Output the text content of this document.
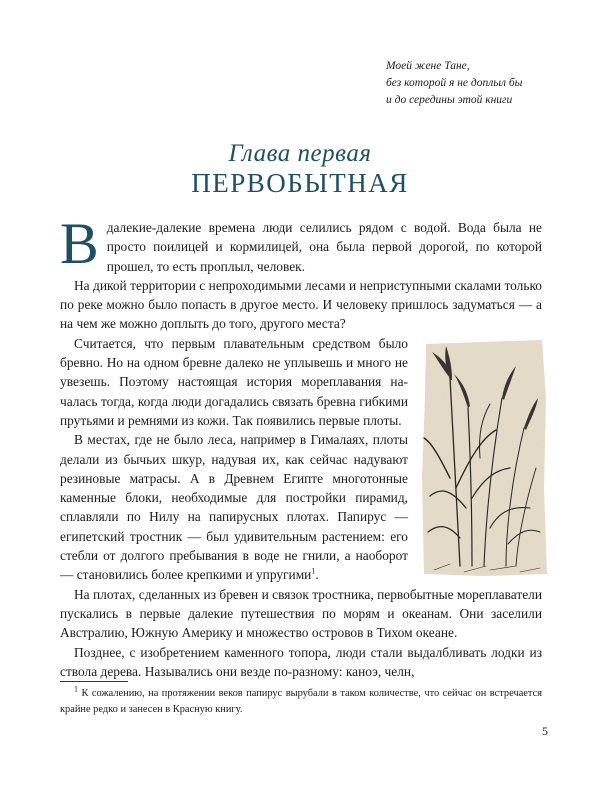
Моей жене Тане,
без которой я не доплыл бы
и до середины этой книги
Глава первая
ПЕРВОБЫТНАЯ

В далекие-далекие времена люди селились рядом с водой. Вода была не просто поилицей и кормилицей, она была первой дорогой, по которой прошел, то есть проплыл, человек.

На дикой территории с непроходимыми лесами и неприступными скалами только по реке можно было попасть в другое место. И человеку пришлось задуматься — а на чем же можно доплыть до того, другого места?

Считается, что первым плавательным средством было бревно. Но на одном бревне далеко не уплывешь и много не увезешь. Поэтому настоящая история мореплавания началась тогда, когда люди догадались связать бревна гибкими прутьями и ремнями из кожи. Так появились первые плоты.

В местах, где не было леса, например в Гималаях, плоты делали из бычьих шкур, надувая их, как сейчас надувают резиновые матрасы. А в Древнем Египте многотонные каменные блоки, необходимые для постройки пирамид, сплавляли по Нилу на папирусных плотах. Папирус — египетский тростник — был удивительным растением: его стебли от долгого пребывания в воде не гнили, а наоборот — становились более крепкими и упругими$^1$.

На плотах, сделанных из бревен и связок тростника, первобытные мореплаватели пускались в первые далекие путешествия по морям и океанам. Они заселили Австралию, Южную Америку и множество островов в Тихом океане.

Позднее, с изобретением каменного топора, люди стали выдалбливать лодки из ствола дерева. Назывались они везде по-разному: каноэ, челн,

$^1$ К сожалению, на протяжении веков папирус вырубали в таком количестве, что сейчас он встречается крайне редко и занесен в Красную книгу.
5
